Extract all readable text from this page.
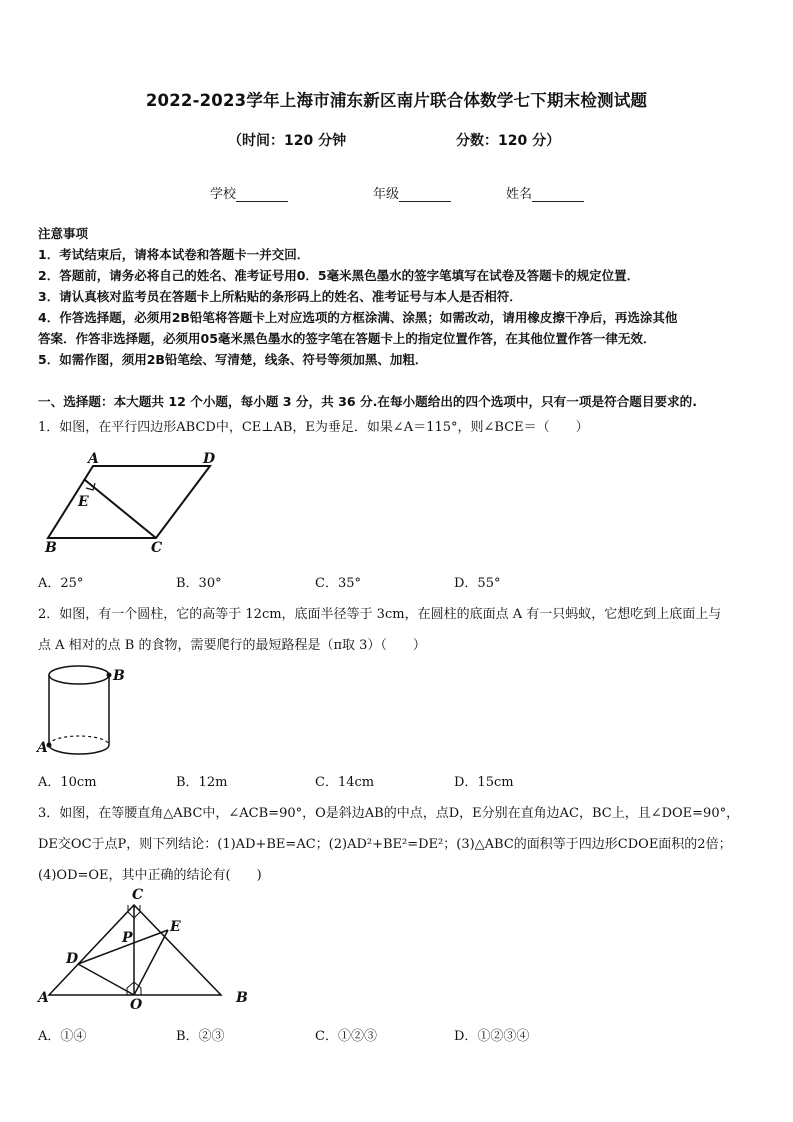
2022-2023学年上海市浦东新区南片联合体数学七下期末检测试题
（时间：120 分钟	分数：120 分）
学校	年级	姓名
注意事项
1．考试结束后，请将本试卷和答题卡一并交回．
2．答题前，请务必将自己的姓名、准考证号用0．5毫米黑色墨水的签字笔填写在试卷及答题卡的规定位置．
3．请认真核对监考员在答题卡上所粘贴的条形码上的姓名、准考证号与本人是否相符．
4．作答选择题，必须用2B铅笔将答题卡上对应选项的方框涂满、涂黑；如需改动，请用橡皮擦干净后，再选涂其他
答案．作答非选择题，必须用05毫米黑色墨水的签字笔在答题卡上的指定位置作答，在其他位置作答一律无效．
5．如需作图，须用2B铅笔绘、写清楚，线条、符号等须加黑、加粗．
一、选择题：本大题共 12 个小题，每小题 3 分，共 36 分.在每小题给出的四个选项中，只有一项是符合题目要求的.
1．如图，在平行四边形ABCD中，CE⊥AB，E为垂足．如果∠A＝115°，则∠BCE＝（　　）
A	D
E
B	C
A．25°	B．30°	C．35°	D．55°
2．如图，有一个圆柱，它的高等于 12cm，底面半径等于 3cm，在圆柱的底面点 A 有一只蚂蚁，它想吃到上底面上与
点 A 相对的点 B 的食物，需要爬行的最短路程是（π取 3）（　　）
B
A
A．10cm	B．12m	C．14cm	D．15cm
3．如图，在等腰直角△ABC中，∠ACB=90°，O是斜边AB的中点，点D，E分别在直角边AC，BC上，且∠DOE=90°，
DE交OC于点P，则下列结论：(1)AD+BE=AC；(2)AD²+BE²=DE²；(3)△ABC的面积等于四边形CDOE面积的2倍；
(4)OD=OE，其中正确的结论有(　　)
C
P
E
D
A	O	B
A．①④	B．②③	C．①②③	D．①②③④
